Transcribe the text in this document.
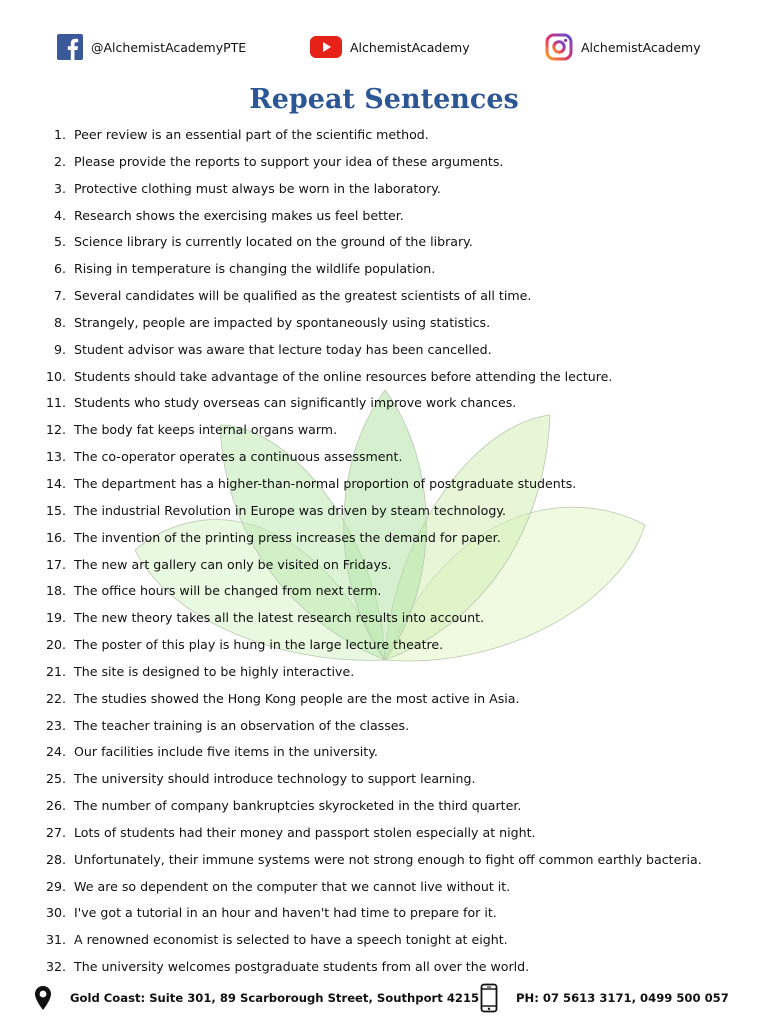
@AlchemistAcademyPTE	AlchemistAcademy	AlchemistAcademy
Repeat Sentences
1.
Peer review is an essential part of the scientific method.
2.
Please provide the reports to support your idea of these arguments.
3.
Protective clothing must always be worn in the laboratory.
4.
Research shows the exercising makes us feel better.
5.
Science library is currently located on the ground of the library.
6.
Rising in temperature is changing the wildlife population.
7.
Several candidates will be qualified as the greatest scientists of all time.
8.
Strangely, people are impacted by spontaneously using statistics.
9.
Student advisor was aware that lecture today has been cancelled.
10.
Students should take advantage of the online resources before attending the lecture.
11.
Students who study overseas can significantly improve work chances.
12.
The body fat keeps internal organs warm.
13.
The co-operator operates a continuous assessment.
14.
The department has a higher-than-normal proportion of postgraduate students.
15.
The industrial Revolution in Europe was driven by steam technology.
16.
The invention of the printing press increases the demand for paper.
17.
The new art gallery can only be visited on Fridays.
18.
The office hours will be changed from next term.
19.
The new theory takes all the latest research results into account.
20.
The poster of this play is hung in the large lecture theatre.
21.
The site is designed to be highly interactive.
22.
The studies showed the Hong Kong people are the most active in Asia.
23.
The teacher training is an observation of the classes.
24.
Our facilities include five items in the university.
25.
The university should introduce technology to support learning.
26.
The number of company bankruptcies skyrocketed in the third quarter.
27.
Lots of students had their money and passport stolen especially at night.
28.
Unfortunately, their immune systems were not strong enough to fight off common earthly bacteria.
29.
We are so dependent on the computer that we cannot live without it.
30.
I've got a tutorial in an hour and haven't had time to prepare for it.
31.
A renowned economist is selected to have a speech tonight at eight.
32.
The university welcomes postgraduate students from all over the world.
Gold Coast: Suite 301, 89 Scarborough Street, Southport 4215	PH: 07 5613 3171, 0499 500 057
